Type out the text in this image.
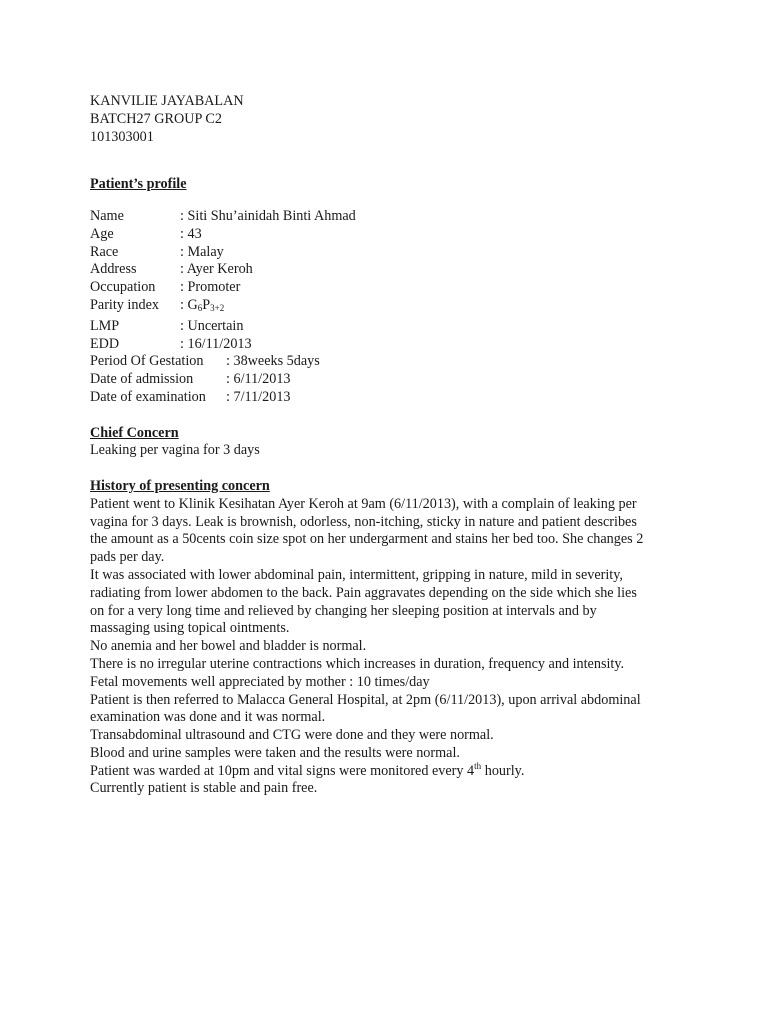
KANVILIE JAYABALAN
BATCH27 GROUP C2
101303001
Patient’s profile
Name	: Siti Shu’ainidah Binti Ahmad
Age	: 43
Race	: Malay
Address	: Ayer Keroh
Occupation	: Promoter
Parity index	: $G_6P_{3+2}$
LMP	: Uncertain
EDD	: 16/11/2013
Period Of Gestation	: 38weeks 5days
Date of admission	: 6/11/2013
Date of examination	: 7/11/2013
Chief Concern
Leaking per vagina for 3 days
History of presenting concern
Patient went to Klinik Kesihatan Ayer Keroh at 9am (6/11/2013), with a complain of leaking per
vagina for 3 days. Leak is brownish, odorless, non-itching, sticky in nature and patient describes
the amount as a 50cents coin size spot on her undergarment and stains her bed too. She changes 2
pads per day.
It was associated with lower abdominal pain, intermittent, gripping in nature, mild in severity,
radiating from lower abdomen to the back. Pain aggravates depending on the side which she lies
on for a very long time and relieved by changing her sleeping position at intervals and by
massaging using topical ointments.
No anemia and her bowel and bladder is normal.
There is no irregular uterine contractions which increases in duration, frequency and intensity.
Fetal movements well appreciated by mother : 10 times/day
Patient is then referred to Malacca General Hospital, at 2pm (6/11/2013), upon arrival abdominal
examination was done and it was normal.
Transabdominal ultrasound and CTG were done and they were normal.
Blood and urine samples were taken and the results were normal.
Patient was warded at 10pm and vital signs were monitored every 4th hourly.
Currently patient is stable and pain free.
